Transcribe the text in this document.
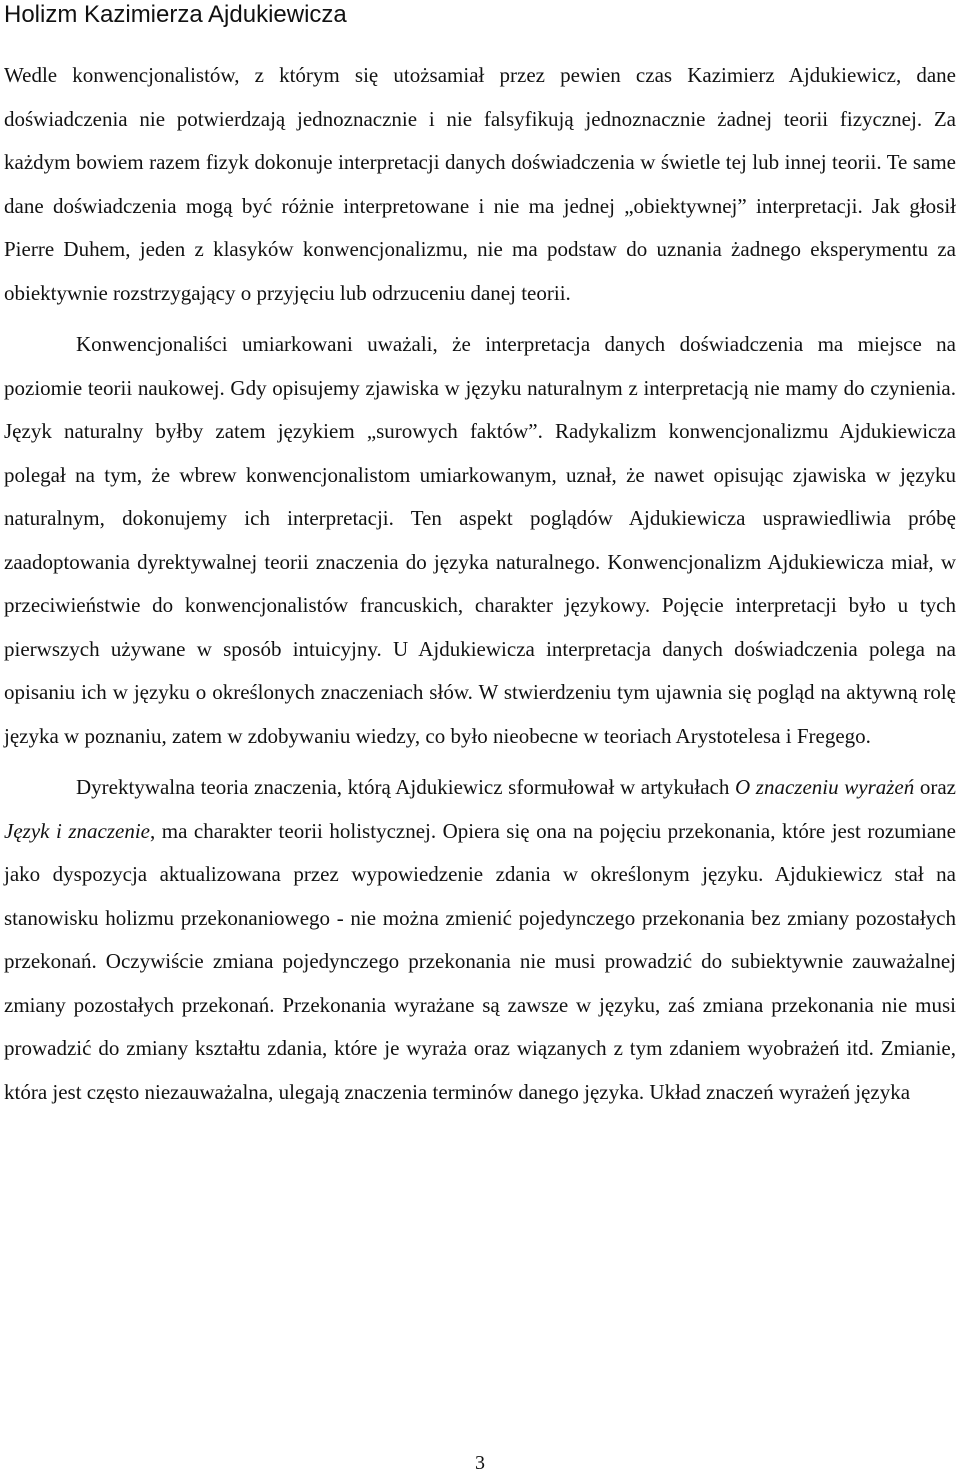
Holizm Kazimierza Ajdukiewicza

Wedle konwencjonalistów, z którym się utożsamiał przez pewien czas Kazimierz Ajdukiewicz, dane doświadczenia nie potwierdzają jednoznacznie i nie falsyfikują jednoznacznie żadnej teorii fizycznej. Za każdym bowiem razem fizyk dokonuje interpretacji danych doświadczenia w świetle tej lub innej teorii. Te same dane doświadczenia mogą być różnie interpretowane i nie ma jednej „obiektywnej” interpretacji. Jak głosił Pierre Duhem, jeden z klasyków konwencjonalizmu, nie ma podstaw do uznania żadnego eksperymentu za obiektywnie rozstrzygający o przyjęciu lub odrzuceniu danej teorii.

Konwencjonaliści umiarkowani uważali, że interpretacja danych doświadczenia ma miejsce na poziomie teorii naukowej. Gdy opisujemy zjawiska w języku naturalnym z interpretacją nie mamy do czynienia. Język naturalny byłby zatem językiem „surowych faktów”. Radykalizm konwencjonalizmu Ajdukiewicza polegał na tym, że wbrew konwencjonalistom umiarkowanym, uznał, że nawet opisując zjawiska w języku naturalnym, dokonujemy ich interpretacji. Ten aspekt poglądów Ajdukiewicza usprawiedliwia próbę zaadoptowania dyrektywalnej teorii znaczenia do języka naturalnego. Konwencjonalizm Ajdukiewicza miał, w przeciwieństwie do konwencjonalistów francuskich, charakter językowy. Pojęcie interpretacji było u tych pierwszych używane w sposób intuicyjny. U Ajdukiewicza interpretacja danych doświadczenia polega na opisaniu ich w języku o określonych znaczeniach słów. W stwierdzeniu tym ujawnia się pogląd na aktywną rolę języka w poznaniu, zatem w zdobywaniu wiedzy, co było nieobecne w teoriach Arystotelesa i Fregego.

Dyrektywalna teoria znaczenia, którą Ajdukiewicz sformułował w artykułach O znaczeniu wyrażeń oraz Język i znaczenie, ma charakter teorii holistycznej. Opiera się ona na pojęciu przekonania, które jest rozumiane jako dyspozycja aktualizowana przez wypowiedzenie zdania w określonym języku. Ajdukiewicz stał na stanowisku holizmu przekonaniowego - nie można zmienić pojedynczego przekonania bez zmiany pozostałych przekonań. Oczywiście zmiana pojedynczego przekonania nie musi prowadzić do subiektywnie zauważalnej zmiany pozostałych przekonań. Przekonania wyrażane są zawsze w języku, zaś zmiana przekonania nie musi prowadzić do zmiany kształtu zdania, które je wyraża oraz wiązanych z tym zdaniem wyobrażeń itd. Zmianie, która jest często niezauważalna, ulegają znaczenia terminów danego języka. Układ znaczeń wyrażeń języka

3
